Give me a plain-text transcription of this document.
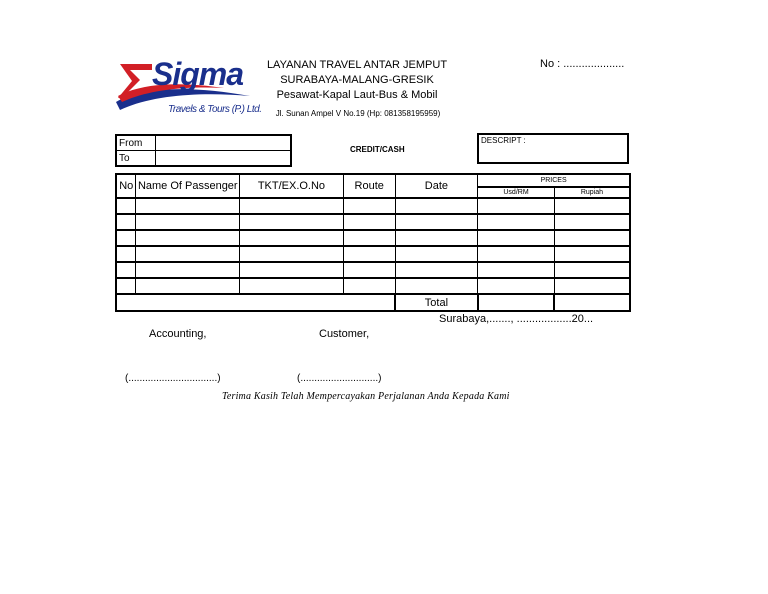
Sigma
Travels & Tours (P.) Ltd.
LAYANAN TRAVEL ANTAR JEMPUT
SURABAYA-MALANG-GRESIK
Pesawat-Kapal Laut-Bus & Mobil
Jl. Sunan Ampel V No.19 (Hp: 081358195959)
No : ....................
From	
To	
CREDIT/CASH
DESCRIPT :
No	Name Of Passenger	TKT/EX.O.No	Route	Date	PRICES	
					Usd/RM	Rupiah

				Total		
Surabaya,......., ..................20...
Accounting,	Customer,
(................................)	(............................)
Terima Kasih Telah Mempercayakan Perjalanan Anda Kepada Kami
